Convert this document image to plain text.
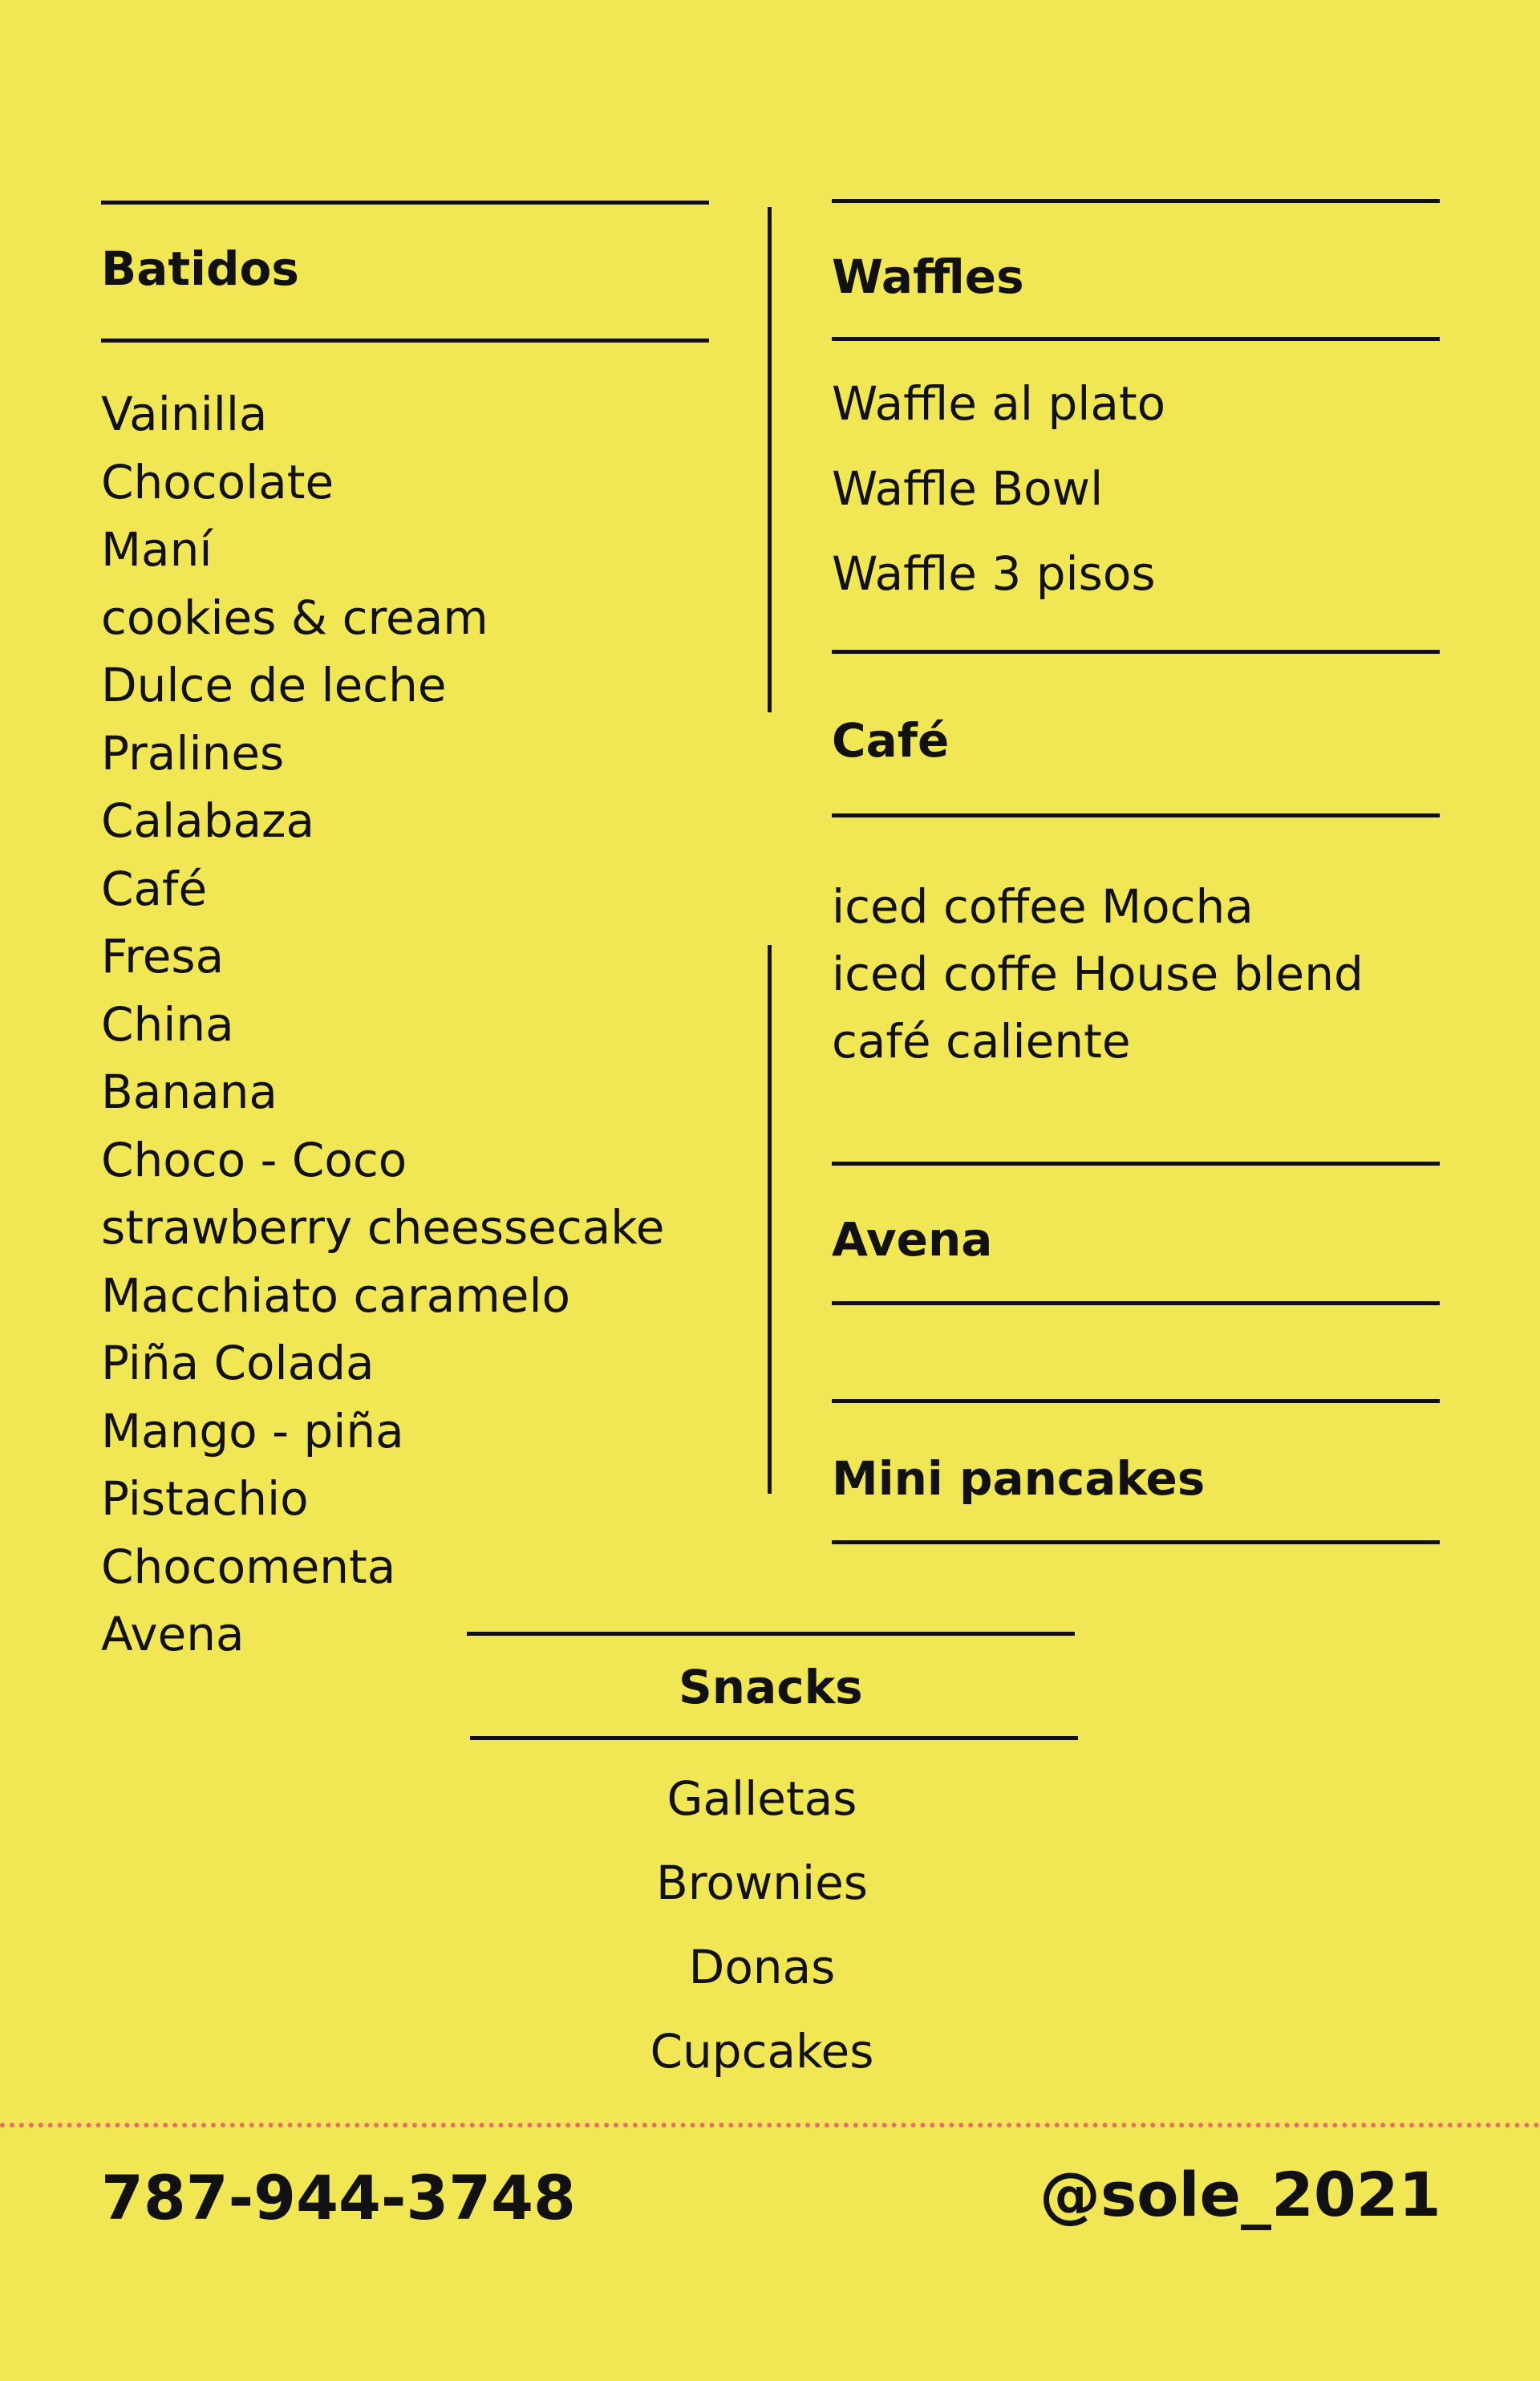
Batidos
Vainilla
Chocolate
Maní
cookies & cream
Dulce de leche
Pralines
Calabaza
Café
Fresa
China
Banana
Choco - Coco
strawberry cheessecake
Macchiato caramelo
Piña Colada
Mango - piña
Pistachio
Chocomenta
Avena
Waffles
Waffle al plato
Waffle Bowl
Waffle 3 pisos
Café
iced coffee Mocha
iced coffe House blend
café caliente
Avena
Mini pancakes
Snacks
Galletas
Brownies
Donas
Cupcakes
787-944-3748	@sole_2021
